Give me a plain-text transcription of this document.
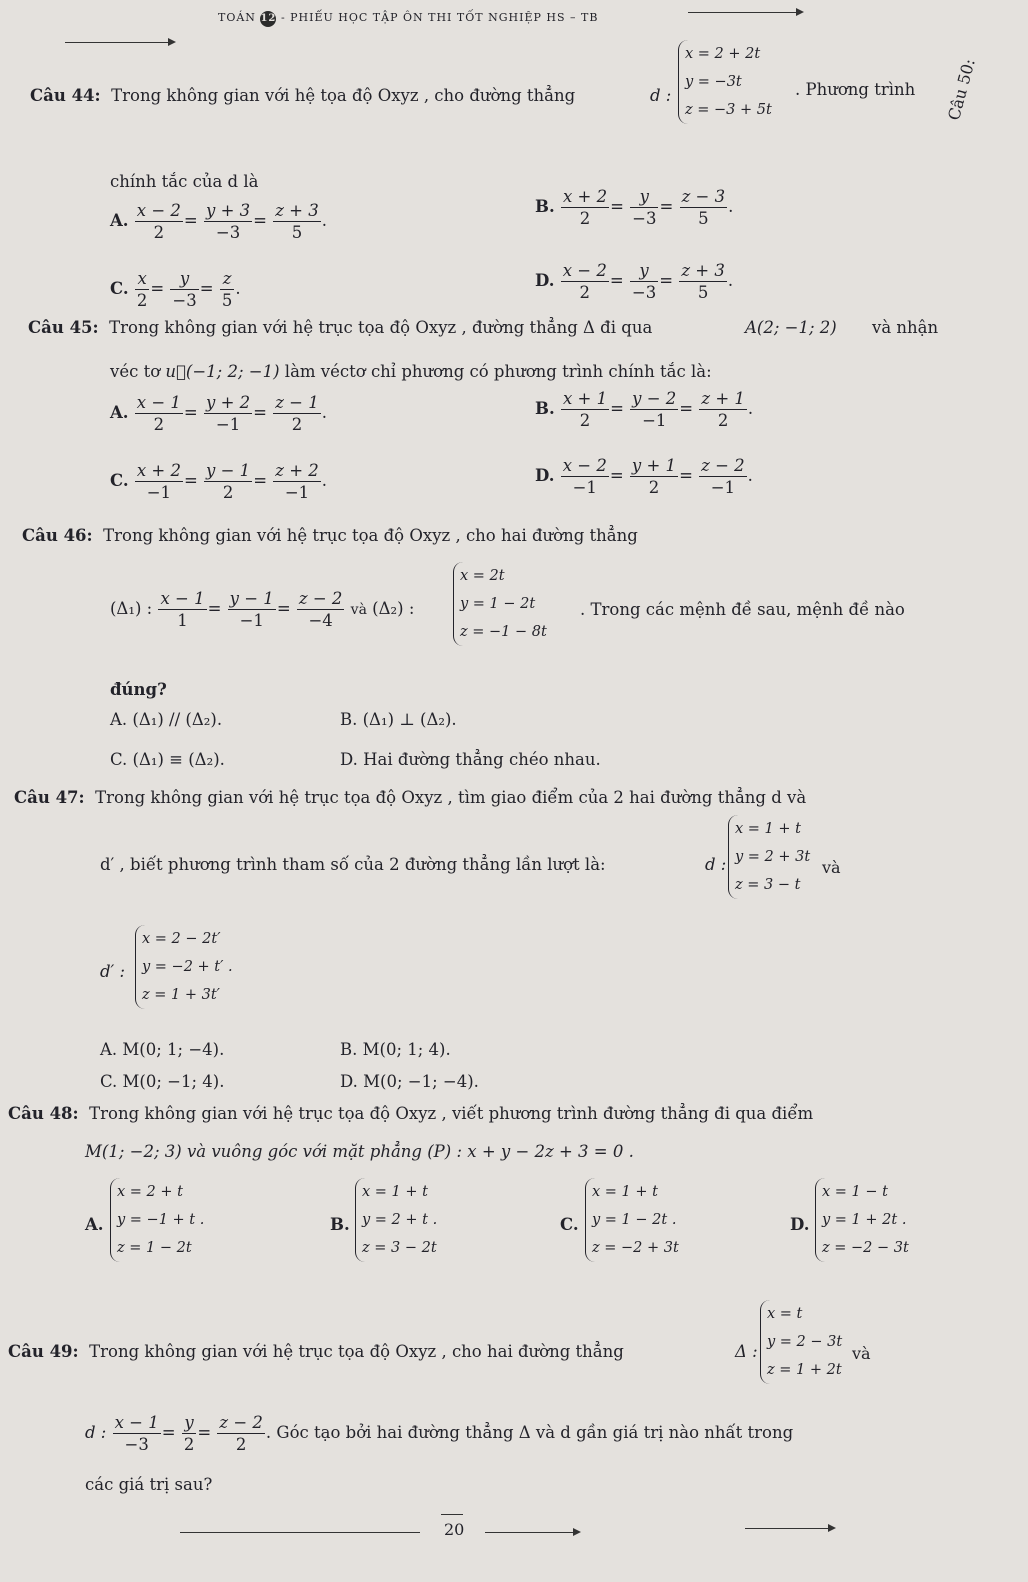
TOÁN 12 - PHIẾU HỌC TẬP ÔN THI TỐT NGHIỆP HS – TB
Câu 50:
Câu 44: Trong không gian với hệ tọa độ Oxyz , cho đường thẳng	d :
x = 2 + 2t
y = −3t
z = −3 + 5t
. Phương trình
chính tắc của d là
A. $\frac{x - 2}{2} = \frac{y + 3}{-3} = \frac{z + 3}{5}$ .
B. $\frac{x + 2}{2} = \frac{y}{-3} = \frac{z - 3}{5}$ .
C. $\frac{x}{2} = \frac{y}{-3} = \frac{z}{5}$ .	D. $\frac{x - 2}{2} = \frac{y}{-3} = \frac{z + 3}{5}$ .
Câu 45: Trong không gian với hệ trục tọa độ Oxyz , đường thẳng Δ đi qua	A(2; −1; 2) và nhận
véc tơ u⃗(−1; 2; −1) làm véctơ chỉ phương có phương trình chính tắc là:
A. $\frac{x - 1}{2} = \frac{y + 2}{-1} = \frac{z - 1}{2}$ .	B. $\frac{x + 1}{2} = \frac{y - 2}{-1} = \frac{z + 1}{2}$ .
C. $\frac{x + 2}{-1} = \frac{y - 1}{2} = \frac{z + 2}{-1}$ .	D. $\frac{x - 2}{-1} = \frac{y + 1}{2} = \frac{z - 2}{-1}$ .
Câu 46: Trong không gian với hệ trục tọa độ Oxyz , cho hai đường thẳng
(Δ₁) : $\frac{x - 1}{1} = \frac{y - 1}{-1} = \frac{z - 2}{-4}$ và (Δ₂) :
x = 2t
y = 1 − 2t
z = −1 − 8t
. Trong các mệnh đề sau, mệnh đề nào
đúng?
A. (Δ₁) // (Δ₂).	B. (Δ₁) ⊥ (Δ₂).
C. (Δ₁) ≡ (Δ₂).	D. Hai đường thẳng chéo nhau.
Câu 47: Trong không gian với hệ trục tọa độ Oxyz , tìm giao điểm của 2 hai đường thẳng d và
d′ , biết phương trình tham số của 2 đường thẳng lần lượt là:	d :
x = 1 + t
y = 2 + 3t
z = 3 − t
và
d′ :
x = 2 − 2t′
y = −2 + t′ .
z = 1 + 3t′
A. M(0; 1; −4).	B. M(0; 1; 4).
C. M(0; −1; 4).	D. M(0; −1; −4).
Câu 48: Trong không gian với hệ trục tọa độ Oxyz , viết phương trình đường thẳng đi qua điểm
M(1; −2; 3) và vuông góc với mặt phẳng (P) : x + y − 2z + 3 = 0 .
A.
x = 2 + t
y = −1 + t .
z = 1 − 2t
B.
x = 1 + t
y = 2 + t .
z = 3 − 2t
C.
x = 1 + t
y = 1 − 2t .
z = −2 + 3t
D.
x = 1 − t
y = 1 + 2t .
z = −2 − 3t
Câu 49: Trong không gian với hệ trục tọa độ Oxyz , cho hai đường thẳng	Δ :
x = t
y = 2 − 3t
z = 1 + 2t
và
d : $\frac{x - 1}{-3} = \frac{y}{2} = \frac{z - 2}{2}$ . Góc tạo bởi hai đường thẳng Δ và d gần giá trị nào nhất trong
các giá trị sau?
20
